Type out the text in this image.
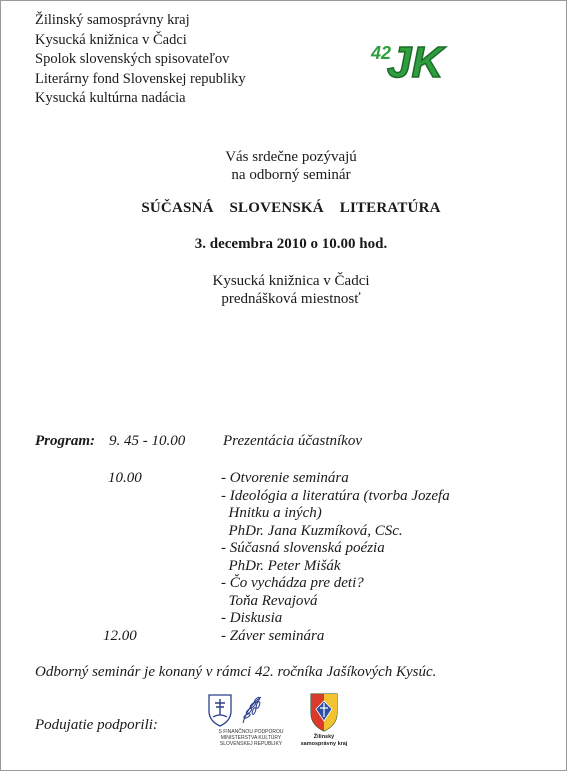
Žilinský samosprávny kraj
Kysucká knižnica v Čadci
Spolok slovenských spisovateľov
Literárny fond Slovenskej republiky
Kysucká kultúrna nadácia
42
JK
Vás srdečne pozývajú
na odborný seminár
SÚČASNÁ  SLOVENSKÁ  LITERATÚRA
3. decembra 2010 o 10.00 hod.
Kysucká knižnica v Čadci
prednášková miestnosť
Program: 9. 45 - 10.00	Prezentácia účastníkov
10.00	- Otvorenie seminára
- Ideológia a literatúra (tvorba Jozefa
Hnitku a iných)
PhDr. Jana Kuzmíková, CSc.
- Súčasná slovenská poézia
PhDr. Peter Mišák
- Čo vychádza pre deti?
Toňa Revajová
- Diskusia
12.00	- Záver seminára
Odborný seminár je konaný v rámci 42. ročníka Jašíkových Kysúc.
Podujatie podporili:	S FINANČNOU PODPOROU
MINISTERSTVA KULTÚRY
SLOVENSKEJ REPUBLIKY
Žilinský
samosprávny kraj
